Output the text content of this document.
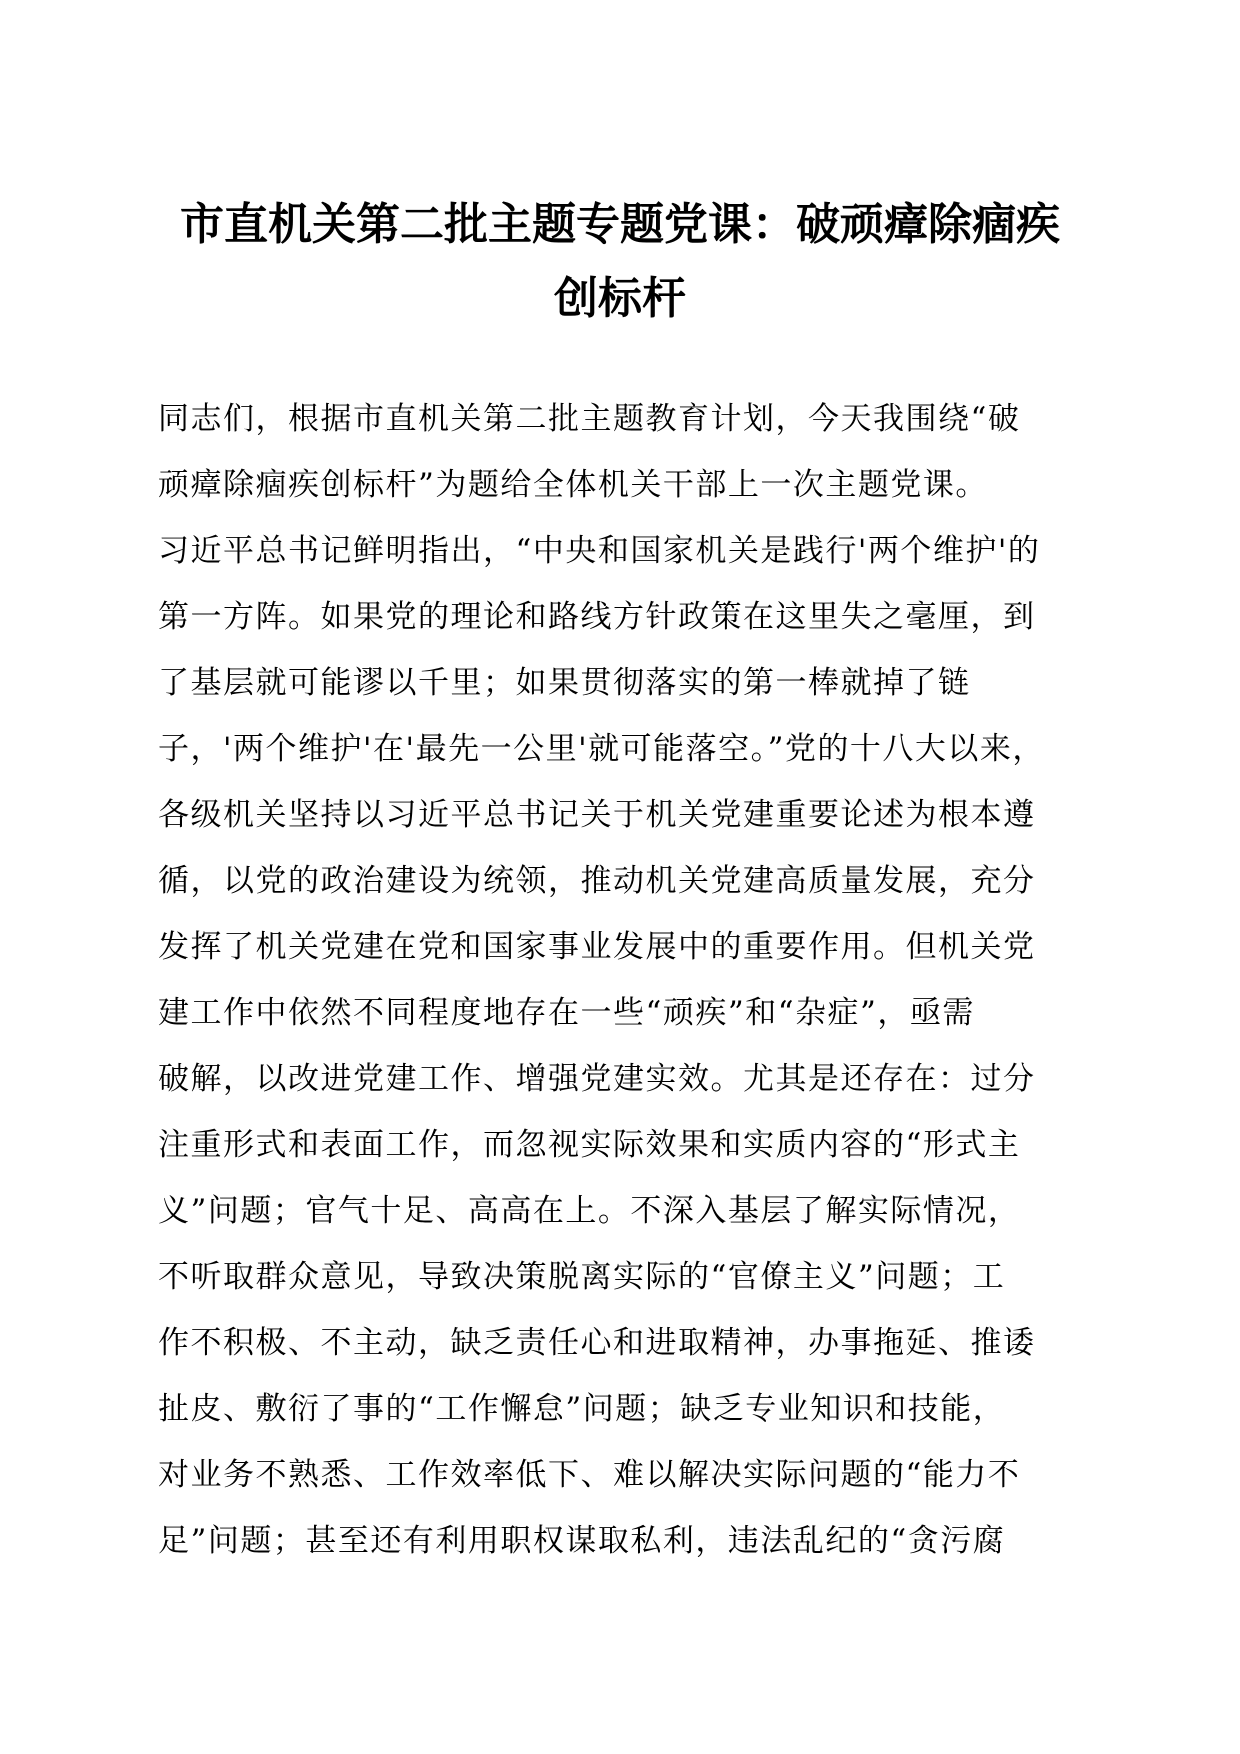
市直机关第二批主题专题党课：破顽瘴除痼疾
创标杆
同志们，根据市直机关第二批主题教育计划，今天我围绕“破
顽瘴除痼疾创标杆”为题给全体机关干部上一次主题党课。
习近平总书记鲜明指出，“中央和国家机关是践行'两个维护'的
第一方阵。如果党的理论和路线方针政策在这里失之毫厘，到
了基层就可能谬以千里；如果贯彻落实的第一棒就掉了链
子，'两个维护'在'最先一公里'就可能落空。”党的十八大以来，
各级机关坚持以习近平总书记关于机关党建重要论述为根本遵
循，以党的政治建设为统领，推动机关党建高质量发展，充分
发挥了机关党建在党和国家事业发展中的重要作用。但机关党
建工作中依然不同程度地存在一些“顽疾”和“杂症”，亟需
破解，以改进党建工作、增强党建实效。尤其是还存在：过分
注重形式和表面工作，而忽视实际效果和实质内容的“形式主
义”问题；官气十足、高高在上。不深入基层了解实际情况，
不听取群众意见，导致决策脱离实际的“官僚主义”问题；工
作不积极、不主动，缺乏责任心和进取精神，办事拖延、推诿
扯皮、敷衍了事的“工作懈怠”问题；缺乏专业知识和技能，
对业务不熟悉、工作效率低下、难以解决实际问题的“能力不
足”问题；甚至还有利用职权谋取私利，违法乱纪的“贪污腐
